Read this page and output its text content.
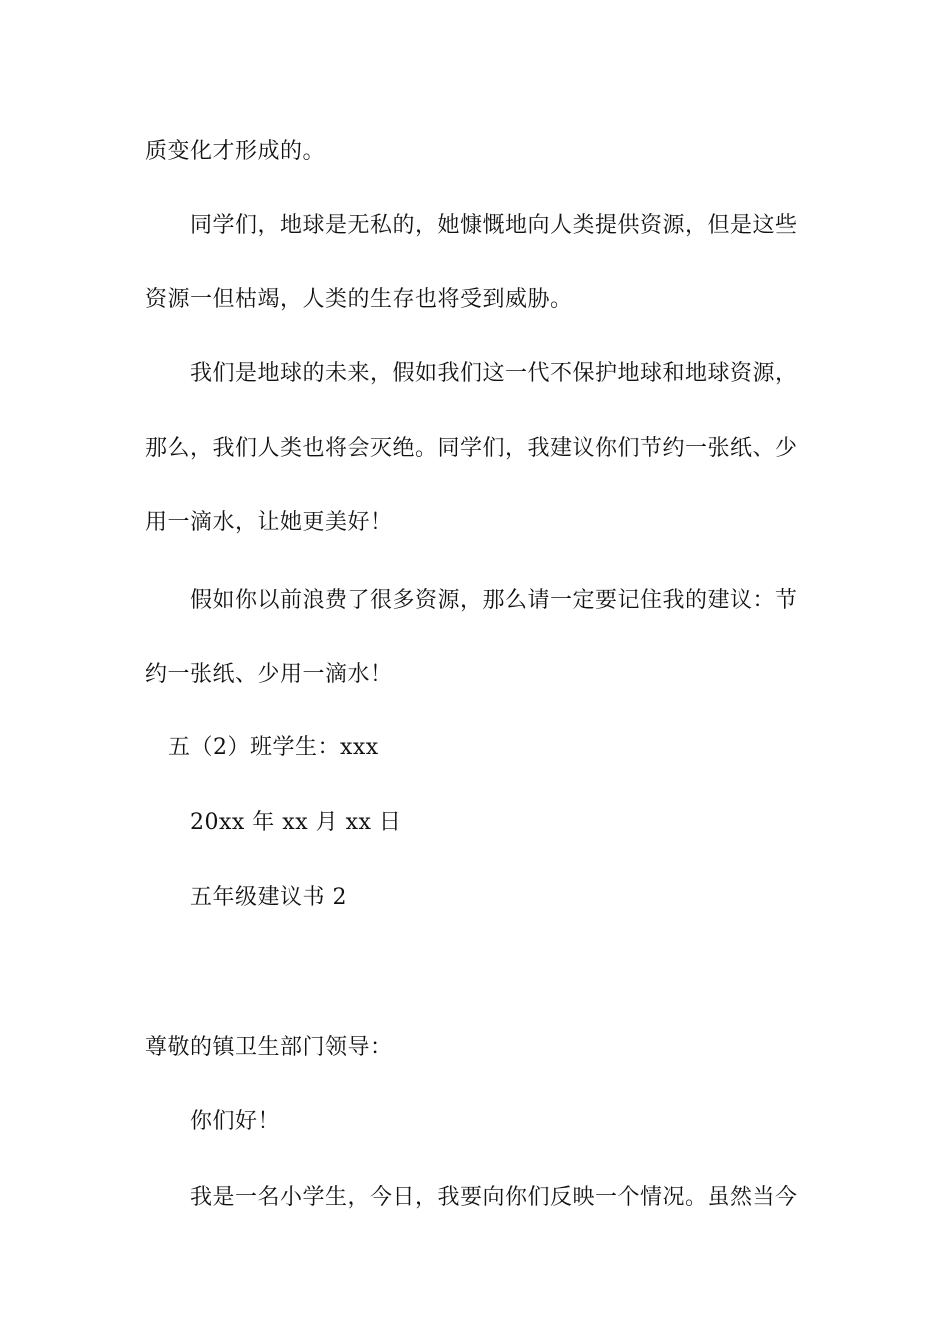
质变化才形成的。
同学们，地球是无私的，她慷慨地向人类提供资源，但是这些
资源一但枯竭，人类的生存也将受到威胁。
我们是地球的未来，假如我们这一代不保护地球和地球资源，
那么，我们人类也将会灭绝。同学们，我建议你们节约一张纸、少
用一滴水，让她更美好！
假如你以前浪费了很多资源，那么请一定要记住我的建议：节
约一张纸、少用一滴水！
五（2）班学生：xxx
20xx 年 xx 月 xx 日
五年级建议书 2
尊敬的镇卫生部门领导：
你们好！
我是一名小学生，今日，我要向你们反映一个情况。虽然当今
